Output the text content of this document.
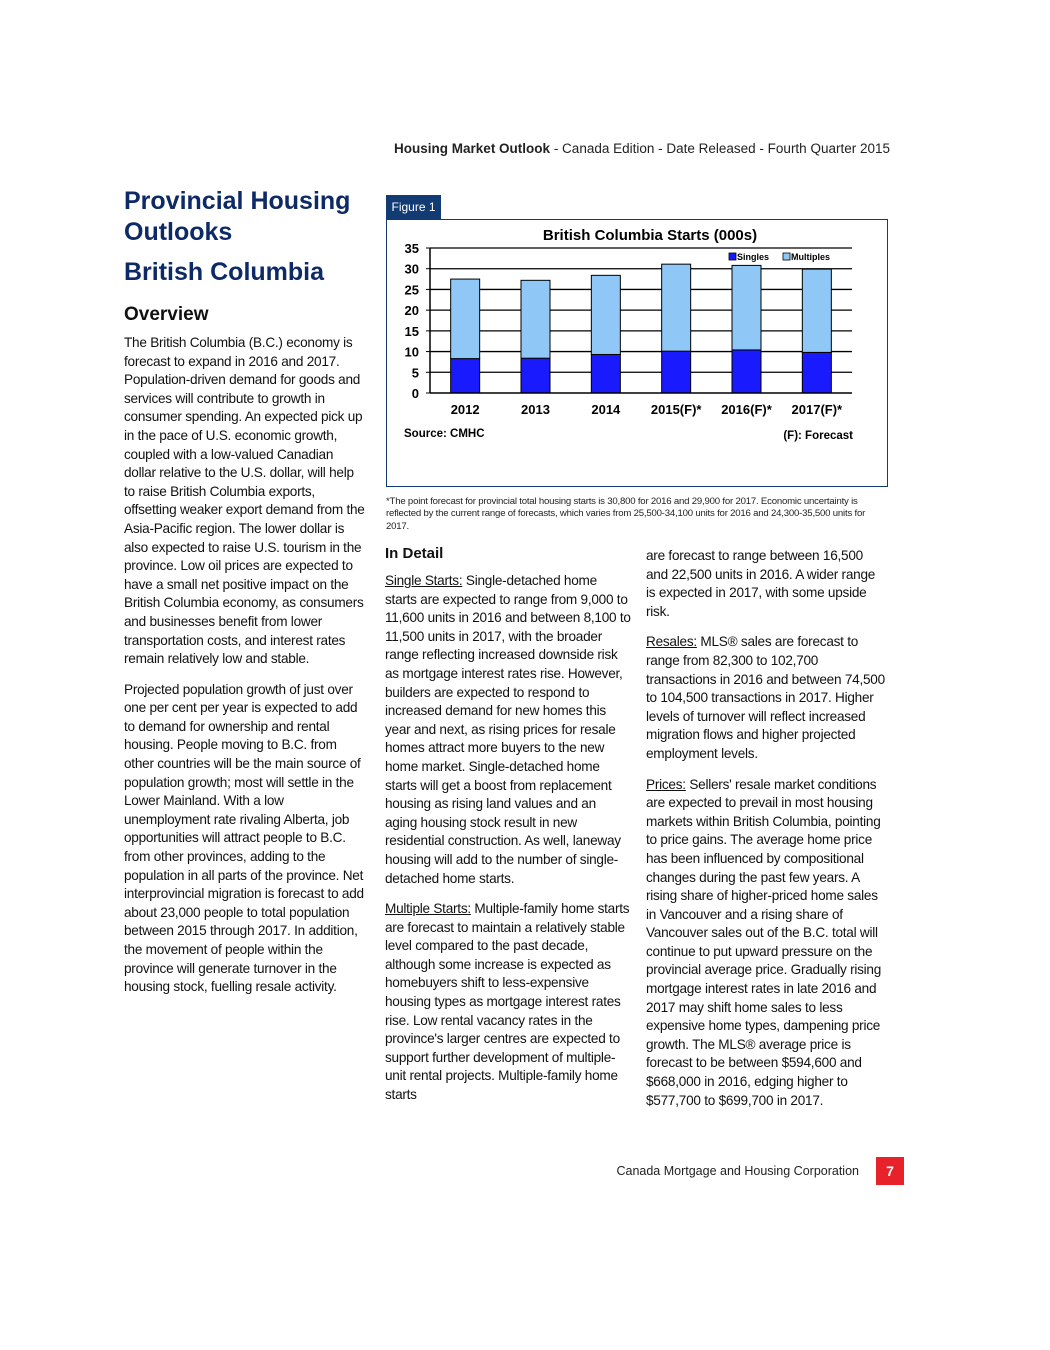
Housing Market Outlook - Canada Edition - Date Released - Fourth Quarter 2015
Provincial Housing Outlooks
British Columbia
Overview

The British Columbia (B.C.) economy is forecast to expand in 2016 and 2017. Population-driven demand for goods and services will contribute to growth in consumer spending. An expected pick up in the pace of U.S. economic growth, coupled with a low-valued Canadian dollar relative to the U.S. dollar, will help to raise British Columbia exports, offsetting weaker export demand from the Asia-Pacific region. The lower dollar is also expected to raise U.S. tourism in the province. Low oil prices are expected to have a small net positive impact on the British Columbia economy, as consumers and businesses benefit from lower transportation costs, and interest rates remain relatively low and stable.

Projected population growth of just over one per cent per year is expected to add to demand for ownership and rental housing. People moving to B.C. from other countries will be the main source of population growth; most will settle in the Lower Mainland. With a low unemployment rate rivaling Alberta, job opportunities will attract people to B.C. from other provinces, adding to the population in all parts of the province. Net interprovincial migration is forecast to add about 23,000 people to total population between 2015 through 2017. In addition, the movement of people within the province will generate turnover in the housing stock, fuelling resale activity.

Figure 1
British Columbia Starts (000s)
0
5
10
15
20
25
30
35
2012	2013	2014 2015(F)* 2016(F)* 2017(F)*
Singles Multiples
Source: CMHC	(F): Forecast
*The point forecast for provincial total housing starts is 30,800 for 2016 and 29,900 for 2017. Economic uncertainty is reflected by the current range of forecasts, which varies from 25,500-34,100 units for 2016 and 24,300-35,500 units for 2017.
In Detail

Single Starts: Single-detached home starts are expected to range from 9,000 to 11,600 units in 2016 and between 8,100 to 11,500 units in 2017, with the broader range reflecting increased downside risk as mortgage interest rates rise. However, builders are expected to respond to increased demand for new homes this year and next, as rising prices for resale homes attract more buyers to the new home market. Single-detached home starts will get a boost from replacement housing as rising land values and an aging housing stock result in new residential construction. As well, laneway housing will add to the number of single-detached home starts.

Multiple Starts: Multiple-family home starts are forecast to maintain a relatively stable level compared to the past decade, although some increase is expected as homebuyers shift to less-expensive housing types as mortgage interest rates rise. Low rental vacancy rates in the province's larger centres are expected to support further development of multiple-unit rental projects. Multiple-family home starts

are forecast to range between 16,500 and 22,500 units in 2016. A wider range is expected in 2017, with some upside risk.

Resales: MLS® sales are forecast to range from 82,300 to 102,700 transactions in 2016 and between 74,500 to 104,500 transactions in 2017. Higher levels of turnover will reflect increased migration flows and higher projected employment levels.

Prices: Sellers' resale market conditions are expected to prevail in most housing markets within British Columbia, pointing to price gains. The average home price has been influenced by compositional changes during the past few years. A rising share of higher-priced home sales in Vancouver and a rising share of Vancouver sales out of the B.C. total will continue to put upward pressure on the provincial average price. Gradually rising mortgage interest rates in late 2016 and 2017 may shift home sales to less expensive home types, dampening price growth. The MLS® average price is forecast to be between $594,600 and $668,000 in 2016, edging higher to $577,700 to $699,700 in 2017.

Canada Mortgage and Housing Corporation	7
